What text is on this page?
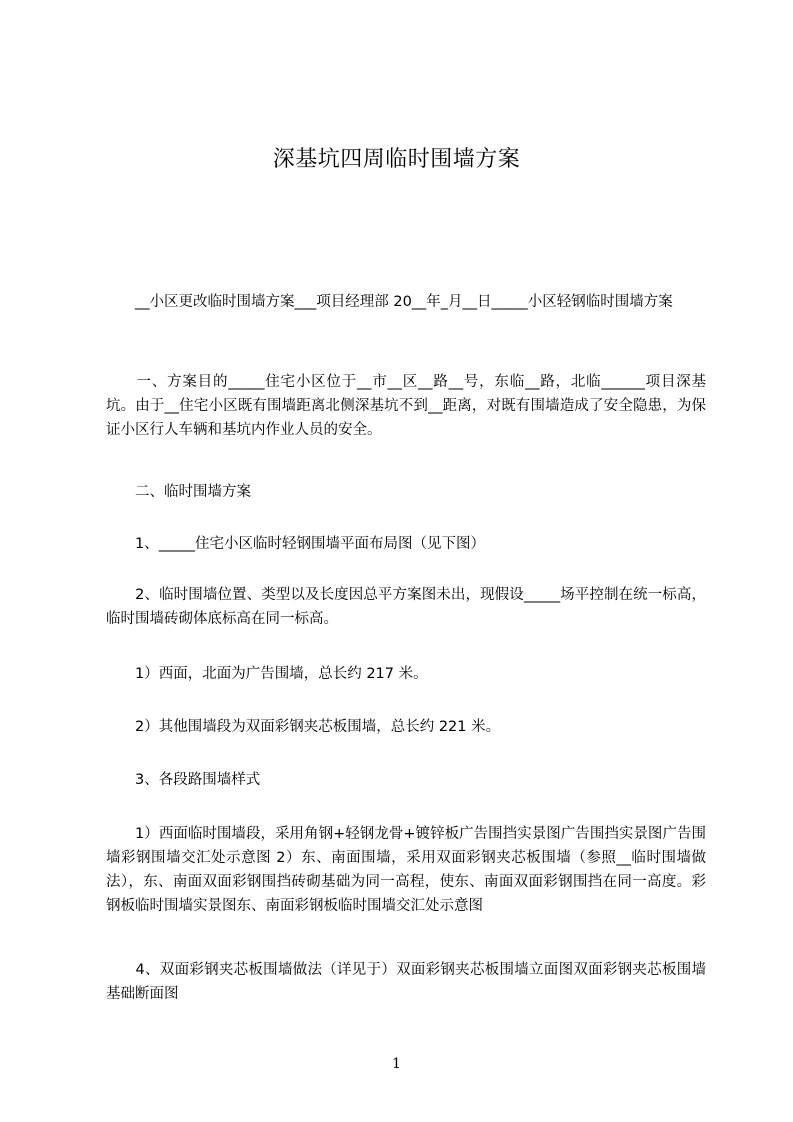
深基坑四周临时围墙方案

　　__小区更改临时围墙方案___项目经理部 20__年_月__日_____小区轻钢临时围墙方案

　　一、方案目的_____住宅小区位于__市__区__路__号，东临__路，北临______项目深基坑。由于__住宅小区既有围墙距离北侧深基坑不到__距离，对既有围墙造成了安全隐患，为保证小区行人车辆和基坑内作业人员的安全。

　　二、临时围墙方案

　　1、_____住宅小区临时轻钢围墙平面布局图（见下图）

　　2、临时围墙位置、类型以及长度因总平方案图未出，现假设_____场平控制在统一标高，临时围墙砖砌体底标高在同一标高。

　　1）西面，北面为广告围墙，总长约 217 米。

　　2）其他围墙段为双面彩钢夹芯板围墙，总长约 221 米。

　　3、各段路围墙样式

　　1）西面临时围墙段，采用角钢+轻钢龙骨+镀锌板广告围挡实景图广告围挡实景图广告围墙彩钢围墙交汇处示意图 2）东、南面围墙，采用双面彩钢夹芯板围墙（参照__临时围墙做法），东、南面双面彩钢围挡砖砌基础为同一高程，使东、南面双面彩钢围挡在同一高度。彩钢板临时围墙实景图东、南面彩钢板临时围墙交汇处示意图

　　4、双面彩钢夹芯板围墙做法（详见于）双面彩钢夹芯板围墙立面图双面彩钢夹芯板围墙基础断面图

1
